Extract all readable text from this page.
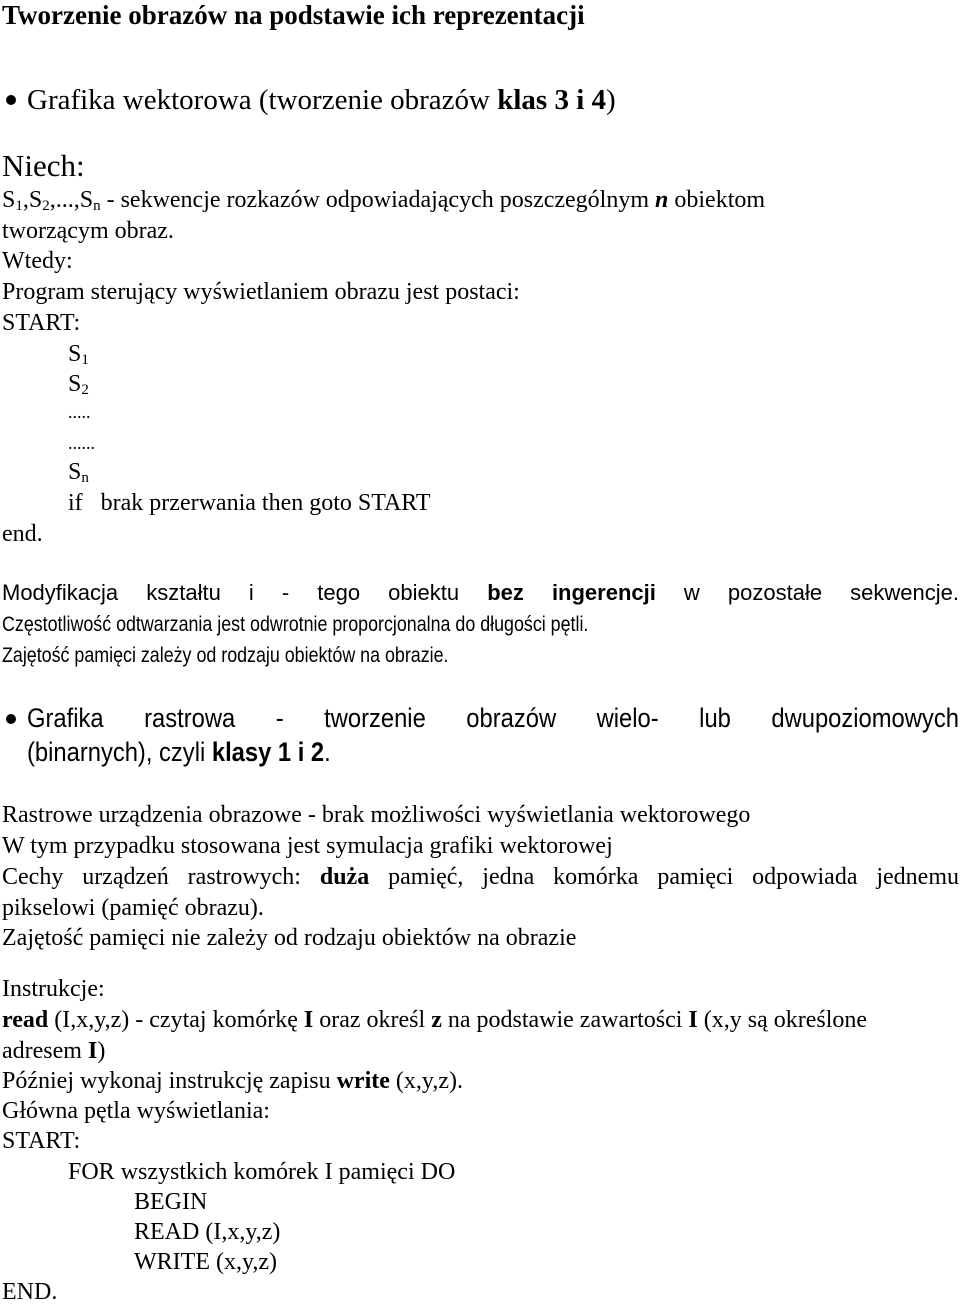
Tworzenie obrazów na podstawie ich reprezentacji
Grafika wektorowa (tworzenie obrazów klas 3 i 4)
Niech:
$S_1,S_2,...,S_n$ - sekwencje rozkazów odpowiadających poszczególnym n obiektom
tworzącym obraz.
Wtedy:
Program sterujący wyświetlaniem obrazu jest postaci:
START:
$S_1$
$S_2$
.....
......
$S_n$
if   brak przerwania then goto START
end.
Modyfikacja kształtu i - tego obiektu bez ingerencji w pozostałe sekwencje.
Częstotliwość odtwarzania jest odwrotnie proporcjonalna do długości pętli.
Zajętość pamięci zależy od rodzaju obiektów na obrazie.
Grafika rastrowa - tworzenie obrazów wielo- lub dwupoziomowych
(binarnych), czyli klasy 1 i 2.
Rastrowe urządzenia obrazowe - brak możliwości wyświetlania wektorowego
W tym przypadku stosowana jest symulacja grafiki wektorowej
Cechy urządzeń rastrowych: duża pamięć, jedna komórka pamięci odpowiada jednemu
pikselowi (pamięć obrazu).
Zajętość pamięci nie zależy od rodzaju obiektów na obrazie
Instrukcje:
read (I,x,y,z) - czytaj komórkę I oraz określ z na podstawie zawartości I (x,y są określone
adresem I)
Później wykonaj instrukcję zapisu write (x,y,z).
Główna pętla wyświetlania:
START:
FOR wszystkich komórek I pamięci DO
BEGIN
READ (I,x,y,z)
WRITE (x,y,z)
END.
